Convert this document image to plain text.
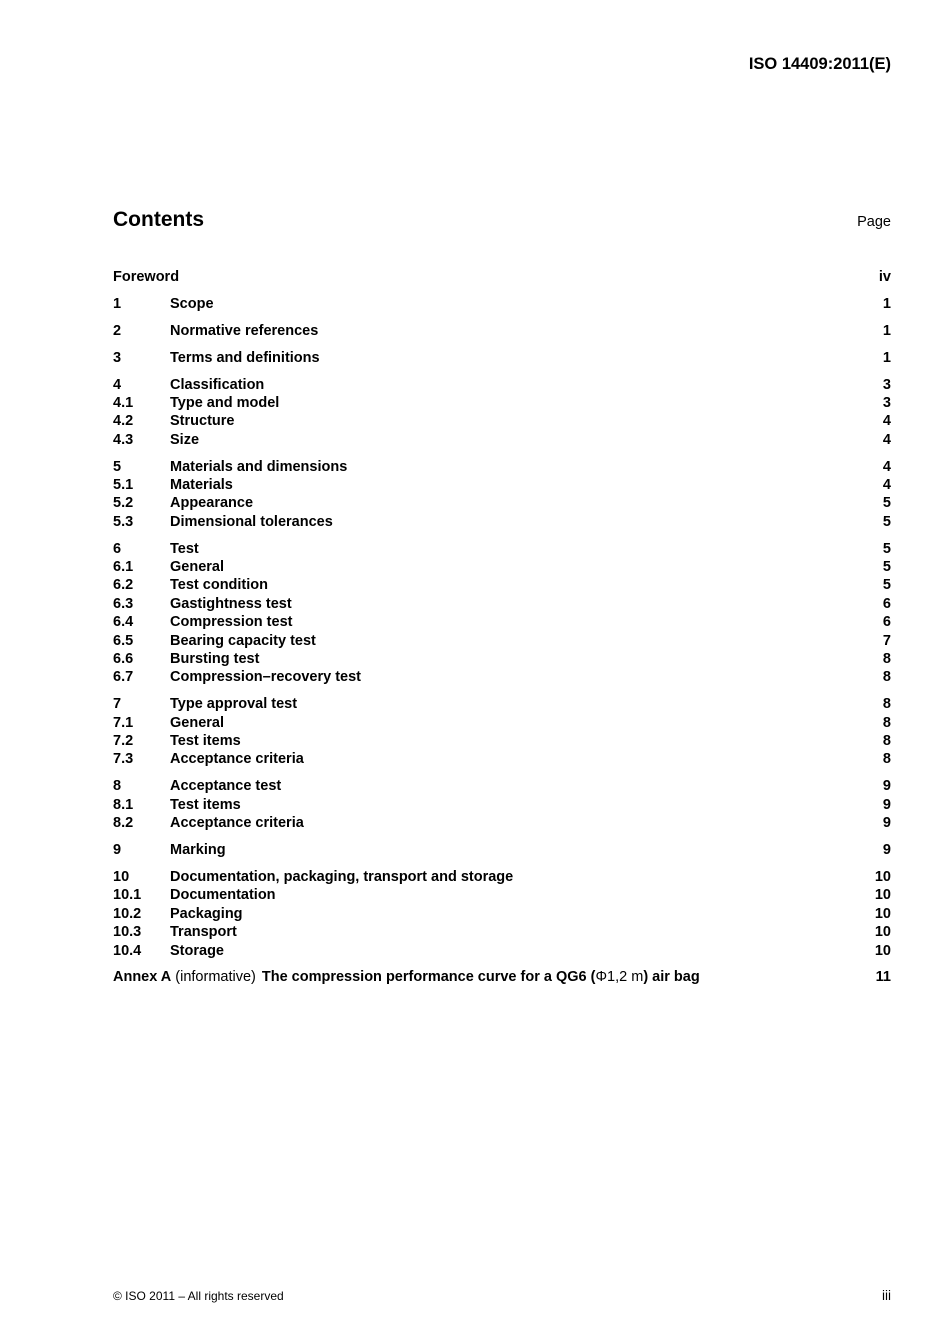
ISO 14409:2011(E)
Contents	Page
Foreword	iv
1	Scope	1
2	Normative references	1
3	Terms and definitions	1
4	Classification	3
4.1	Type and model	3
4.2	Structure	4
4.3	Size	4
5	Materials and dimensions	4
5.1	Materials	4
5.2	Appearance	5
5.3	Dimensional tolerances	5
6	Test	5
6.1	General	5
6.2	Test condition	5
6.3	Gastightness test	6
6.4	Compression test	6
6.5	Bearing capacity test	7
6.6	Bursting test	8
6.7	Compression–recovery test	8
7	Type approval test	8
7.1	General	8
7.2	Test items	8
7.3	Acceptance criteria	8
8	Acceptance test	9
8.1	Test items	9
8.2	Acceptance criteria	9
9	Marking	9
10	Documentation, packaging, transport and storage	10
10.1	Documentation	10
10.2	Packaging	10
10.3	Transport	10
10.4	Storage	10
Annex A (informative) The compression performance curve for a QG6 ( Φ1,2 m ) air bag	11
© ISO 2011 – All rights reserved	iii
